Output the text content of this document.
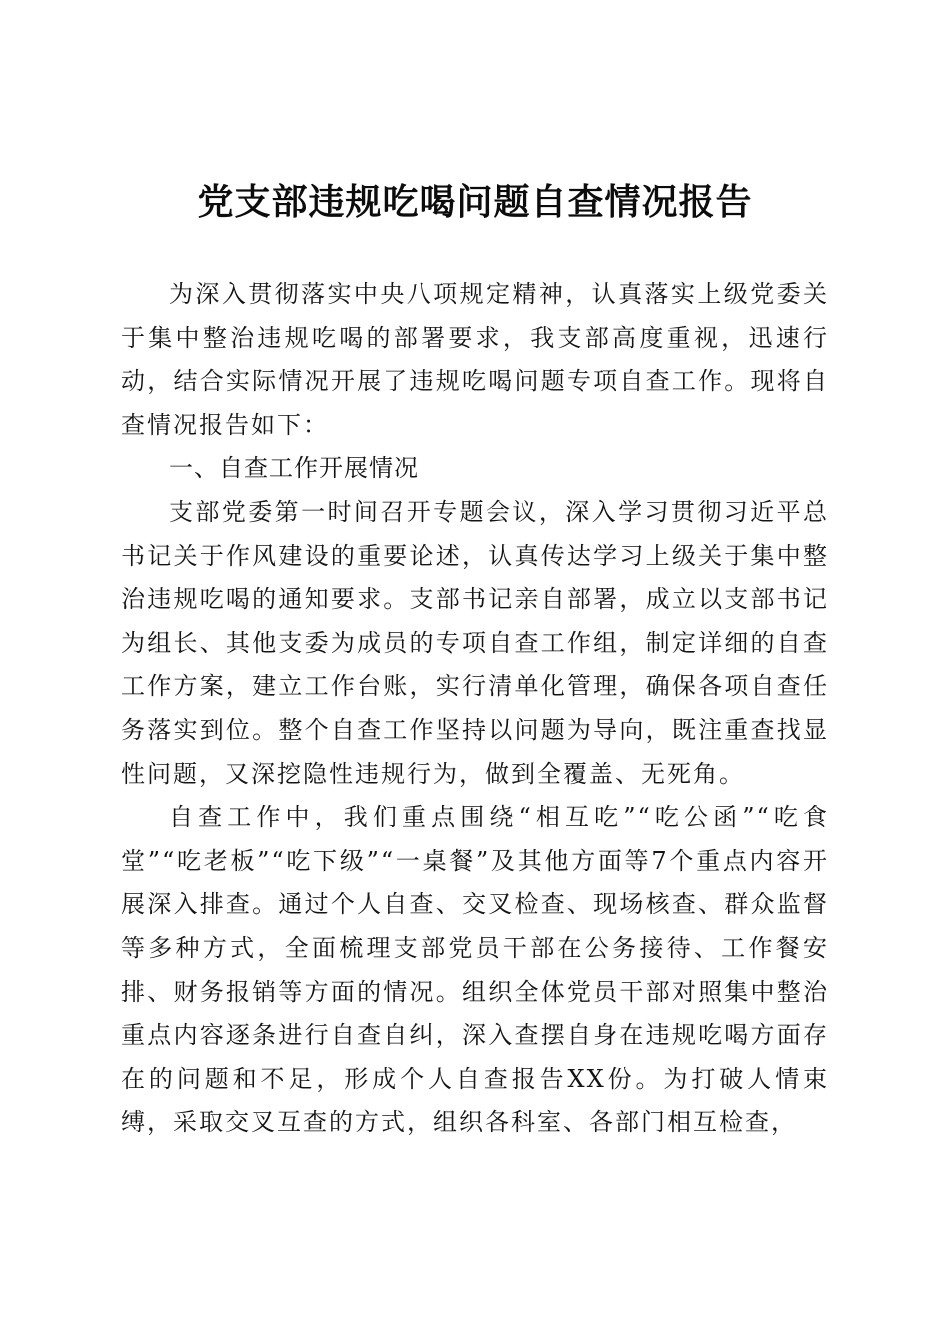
党支部违规吃喝问题自查情况报告

为深入贯彻落实中央八项规定精神，认真落实上级党委关于集中整治违规吃喝的部署要求，我支部高度重视，迅速行动，结合实际情况开展了违规吃喝问题专项自查工作。现将自查情况报告如下：

一、自查工作开展情况

支部党委第一时间召开专题会议，深入学习贯彻习近平总书记关于作风建设的重要论述，认真传达学习上级关于集中整治违规吃喝的通知要求。支部书记亲自部署，成立以支部书记为组长、其他支委为成员的专项自查工作组，制定详细的自查工作方案，建立工作台账，实行清单化管理，确保各项自查任务落实到位。整个自查工作坚持以问题为导向，既注重查找显性问题，又深挖隐性违规行为，做到全覆盖、无死角。

自查工作中，我们重点围绕“相互吃”“吃公函”“吃食堂”“吃老板”“吃下级”“一桌餐”及其他方面等7个重点内容开展深入排查。通过个人自查、交叉检查、现场核查、群众监督等多种方式，全面梳理支部党员干部在公务接待、工作餐安排、财务报销等方面的情况。组织全体党员干部对照集中整治重点内容逐条进行自查自纠，深入查摆自身在违规吃喝方面存在的问题和不足，形成个人自查报告XX份。为打破人情束缚，采取交叉互查的方式，组织各科室、各部门相互检查，
